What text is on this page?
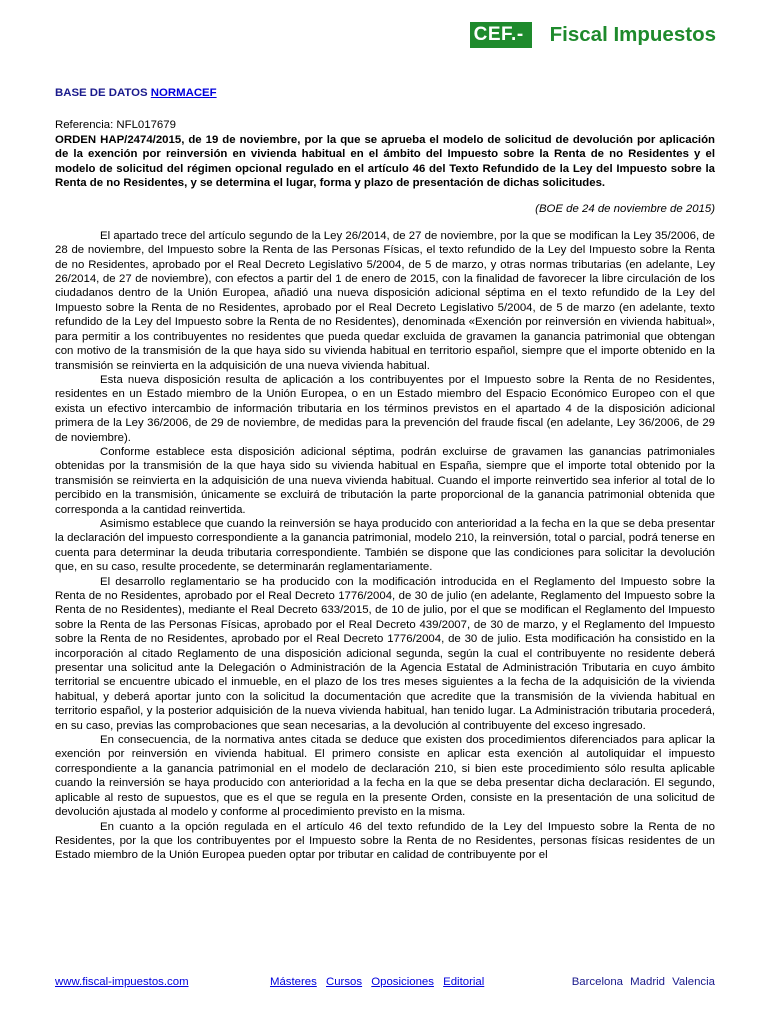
CEF.-	Fiscal Impuestos

BASE DE DATOS NORMACEF

Referencia: NFL017679

ORDEN HAP/2474/2015, de 19 de noviembre, por la que se aprueba el modelo de solicitud de devolución por aplicación de la exención por reinversión en vivienda habitual en el ámbito del Impuesto sobre la Renta de no Residentes y el modelo de solicitud del régimen opcional regulado en el artículo 46 del Texto Refundido de la Ley del Impuesto sobre la Renta de no Residentes, y se determina el lugar, forma y plazo de presentación de dichas solicitudes.

(BOE de 24 de noviembre de 2015)

El apartado trece del artículo segundo de la Ley 26/2014, de 27 de noviembre, por la que se modifican la Ley 35/2006, de 28 de noviembre, del Impuesto sobre la Renta de las Personas Físicas, el texto refundido de la Ley del Impuesto sobre la Renta de no Residentes, aprobado por el Real Decreto Legislativo 5/2004, de 5 de marzo, y otras normas tributarias (en adelante, Ley 26/2014, de 27 de noviembre), con efectos a partir del 1 de enero de 2015, con la finalidad de favorecer la libre circulación de los ciudadanos dentro de la Unión Europea, añadió una nueva disposición adicional séptima en el texto refundido de la Ley del Impuesto sobre la Renta de no Residentes, aprobado por el Real Decreto Legislativo 5/2004, de 5 de marzo (en adelante, texto refundido de la Ley del Impuesto sobre la Renta de no Residentes), denominada «Exención por reinversión en vivienda habitual», para permitir a los contribuyentes no residentes que pueda quedar excluida de gravamen la ganancia patrimonial que obtengan con motivo de la transmisión de la que haya sido su vivienda habitual en territorio español, siempre que el importe obtenido en la transmisión se reinvierta en la adquisición de una nueva vivienda habitual.

Esta nueva disposición resulta de aplicación a los contribuyentes por el Impuesto sobre la Renta de no Residentes, residentes en un Estado miembro de la Unión Europea, o en un Estado miembro del Espacio Económico Europeo con el que exista un efectivo intercambio de información tributaria en los términos previstos en el apartado 4 de la disposición adicional primera de la Ley 36/2006, de 29 de noviembre, de medidas para la prevención del fraude fiscal (en adelante, Ley 36/2006, de 29 de noviembre).

Conforme establece esta disposición adicional séptima, podrán excluirse de gravamen las ganancias patrimoniales obtenidas por la transmisión de la que haya sido su vivienda habitual en España, siempre que el importe total obtenido por la transmisión se reinvierta en la adquisición de una nueva vivienda habitual. Cuando el importe reinvertido sea inferior al total de lo percibido en la transmisión, únicamente se excluirá de tributación la parte proporcional de la ganancia patrimonial obtenida que corresponda a la cantidad reinvertida.

Asimismo establece que cuando la reinversión se haya producido con anterioridad a la fecha en la que se deba presentar la declaración del impuesto correspondiente a la ganancia patrimonial, modelo 210, la reinversión, total o parcial, podrá tenerse en cuenta para determinar la deuda tributaria correspondiente. También se dispone que las condiciones para solicitar la devolución que, en su caso, resulte procedente, se determinarán reglamentariamente.

El desarrollo reglamentario se ha producido con la modificación introducida en el Reglamento del Impuesto sobre la Renta de no Residentes, aprobado por el Real Decreto 1776/2004, de 30 de julio (en adelante, Reglamento del Impuesto sobre la Renta de no Residentes), mediante el Real Decreto 633/2015, de 10 de julio, por el que se modifican el Reglamento del Impuesto sobre la Renta de las Personas Físicas, aprobado por el Real Decreto 439/2007, de 30 de marzo, y el Reglamento del Impuesto sobre la Renta de no Residentes, aprobado por el Real Decreto 1776/2004, de 30 de julio. Esta modificación ha consistido en la incorporación al citado Reglamento de una disposición adicional segunda, según la cual el contribuyente no residente deberá presentar una solicitud ante la Delegación o Administración de la Agencia Estatal de Administración Tributaria en cuyo ámbito territorial se encuentre ubicado el inmueble, en el plazo de los tres meses siguientes a la fecha de la adquisición de la vivienda habitual, y deberá aportar junto con la solicitud la documentación que acredite que la transmisión de la vivienda habitual en territorio español, y la posterior adquisición de la nueva vivienda habitual, han tenido lugar. La Administración tributaria procederá, en su caso, previas las comprobaciones que sean necesarias, a la devolución al contribuyente del exceso ingresado.

En consecuencia, de la normativa antes citada se deduce que existen dos procedimientos diferenciados para aplicar la exención por reinversión en vivienda habitual. El primero consiste en aplicar esta exención al autoliquidar el impuesto correspondiente a la ganancia patrimonial en el modelo de declaración 210, si bien este procedimiento sólo resulta aplicable cuando la reinversión se haya producido con anterioridad a la fecha en la que se deba presentar dicha declaración. El segundo, aplicable al resto de supuestos, que es el que se regula en la presente Orden, consiste en la presentación de una solicitud de devolución ajustada al modelo y conforme al procedimiento previsto en la misma.

En cuanto a la opción regulada en el artículo 46 del texto refundido de la Ley del Impuesto sobre la Renta de no Residentes, por la que los contribuyentes por el Impuesto sobre la Renta de no Residentes, personas físicas residentes de un Estado miembro de la Unión Europea pueden optar por tributar en calidad de contribuyente por el

www.fiscal-impuestos.com	Másteres Cursos Oposiciones Editorial	Barcelona Madrid Valencia
